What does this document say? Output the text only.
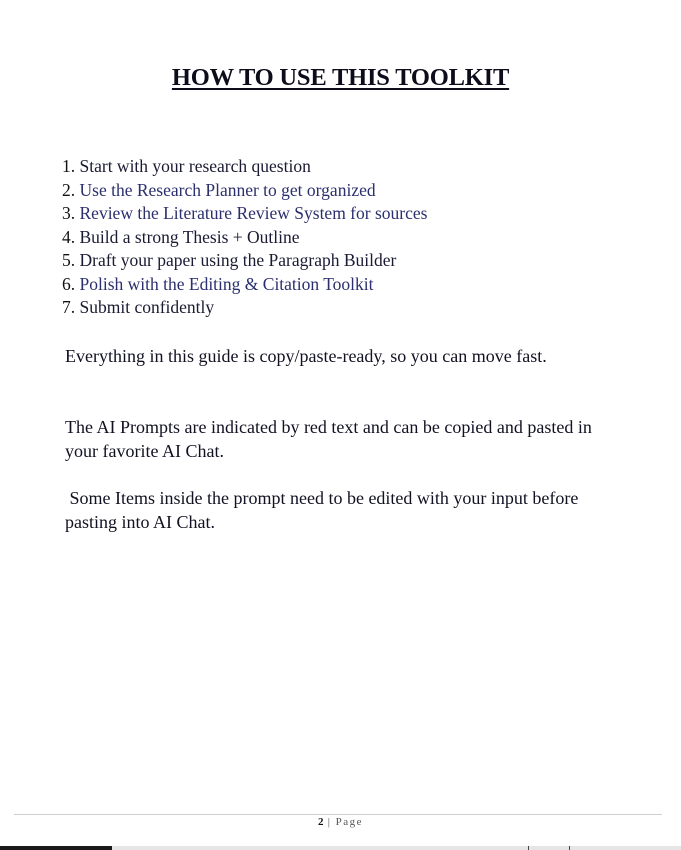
HOW TO USE THIS TOOLKIT
1. Start with your research question
2. Use the Research Planner to get organized
3. Review the Literature Review System for sources
4. Build a strong Thesis + Outline
5. Draft your paper using the Paragraph Builder
6. Polish with the Editing & Citation Toolkit
7. Submit confidently
Everything in this guide is copy/paste-ready, so you can move fast.
The AI Prompts are indicated by red text and can be copied and pasted in your favorite AI Chat.
Some Items inside the prompt need to be edited with your input before pasting into AI Chat.
2 | Page
